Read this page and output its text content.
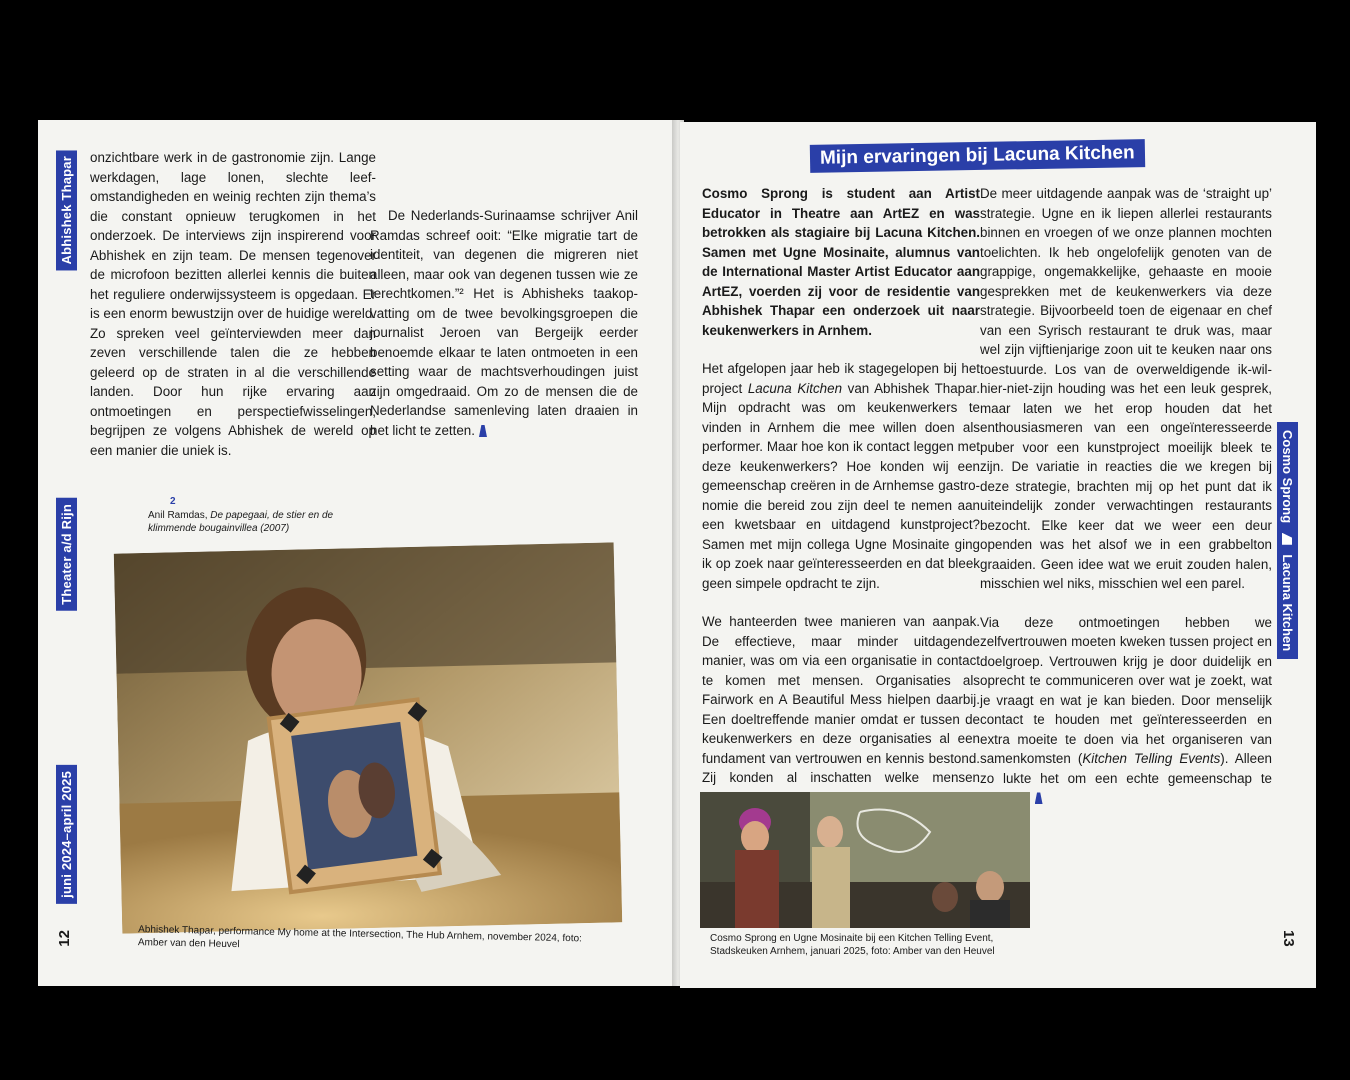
Abhishek Thapar
Theater a/d Rijn
juni 2024–april 2025
12

onzichtbare werk in de gastronomie zijn. Lange werkdagen, lage lonen, slechte leefomstandigheden en weinig rechten zijn thema’s die constant opnieuw terugkomen in het onderzoek. De interviews zijn inspirerend voor Abhishek en zijn team. De mensen tegenover de microfoon bezitten allerlei kennis die buiten het reguliere onderwijssysteem is opgedaan. Er is een enorm bewustzijn over de huidige wereld. Zo spreken veel geïnterviewden meer dan zeven verschillende talen die ze hebben geleerd op de straten in al die verschillende landen. Door hun rijke ervaring aan ontmoetingen en perspectiefwisselingen, begrijpen ze volgens Abhishek de wereld op een manier die uniek is.

De Nederlands-Surinaamse schrijver Anil Ramdas schreef ooit: “Elke migratie tart de identiteit, van degenen die migreren niet alleen, maar ook van degenen tussen wie ze terechtkomen.”² Het is Abhisheks taakopvatting om de twee bevolkingsgroepen die journalist Jeroen van Bergeijk eerder benoemde elkaar te laten ontmoeten in een setting waar de machtsverhoudingen juist zijn omgedraaid. Om zo de mensen die de Nederlandse samenleving laten draaien in het licht te zetten.

2
Anil Ramdas, De papegaai, de stier en de klimmende bougainvillea (2007)
Abhishek Thapar, performance My home at the Intersection, The Hub Arnhem, november 2024, foto: Amber van den Heuvel
Mijn ervaringen bij Lacuna Kitchen
Cosmo Sprong  Lacuna Kitchen
13

Cosmo Sprong is student aan Artist Educator in Theatre aan ArtEZ en was betrokken als stagiaire bij Lacuna Kitchen. Samen met Ugne Mosinaite, alumnus van de International Master Artist Educator aan ArtEZ, voerden zij voor de residentie van Abhishek Thapar een onderzoek uit naar keukenwerkers in Arnhem.

Het afgelopen jaar heb ik stagegelopen bij het project Lacuna Kitchen van Abhishek Thapar. Mijn opdracht was om keukenwerkers te vinden in Arnhem die mee willen doen als performer. Maar hoe kon ik contact leggen met deze keukenwerkers? Hoe konden wij een gemeenschap creëren in de Arnhemse gastronomie die bereid zou zijn deel te nemen aan een kwetsbaar en uitdagend kunstproject? Samen met mijn collega Ugne Mosinaite ging ik op zoek naar geïnteresseerden en dat bleek geen simpele opdracht te zijn.

We hanteerden twee manieren van aanpak. De effectieve, maar minder uitdagende manier, was om via een organisatie in contact te komen met mensen. Organisaties als Fairwork en A Beautiful Mess hielpen daarbij. Een doeltreffende manier omdat er tussen de keukenwerkers en deze organisaties al een fundament van vertrouwen en kennis bestond. Zij konden al inschatten welke mensen

De meer uitdagende aanpak was de ‘straight up’ strategie. Ugne en ik liepen allerlei restaurants binnen en vroegen of we onze plannen mochten toelichten. Ik heb ongelofelijk genoten van de grappige, ongemakkelijke, gehaaste en mooie gesprekken met de keukenwerkers via deze strategie. Bijvoorbeeld toen de eigenaar en chef van een Syrisch restaurant te druk was, maar wel zijn vijftienjarige zoon uit te keuken naar ons toestuurde. Los van de overweldigende ik-wil-hier-niet-zijn houding was het een leuk gesprek, maar laten we het erop houden dat het enthousiasmeren van een ongeïnteresseerde puber voor een kunstproject moeilijk bleek te zijn. De variatie in reacties die we kregen bij deze strategie, brachten mij op het punt dat ik uiteindelijk zonder verwachtingen restaurants bezocht. Elke keer dat we weer een deur openden was het alsof we in een grabbelton graaiden. Geen idee wat we eruit zouden halen, misschien wel niks, misschien wel een parel.

Via deze ontmoetingen hebben we zelfvertrouwen moeten kweken tussen project en doelgroep. Vertrouwen krijg je door duidelijk en oprecht te communiceren over wat je zoekt, wat je vraagt en wat je kan bieden. Door menselijk contact te houden met geïnteresseerden en extra moeite te doen via het organiseren van samenkomsten (Kitchen Telling Events). Alleen zo lukte het om een echte gemeenschap te

Cosmo Sprong en Ugne Mosinaite bij een Kitchen Telling Event, Stadskeuken Arnhem, januari 2025, foto: Amber van den Heuvel
